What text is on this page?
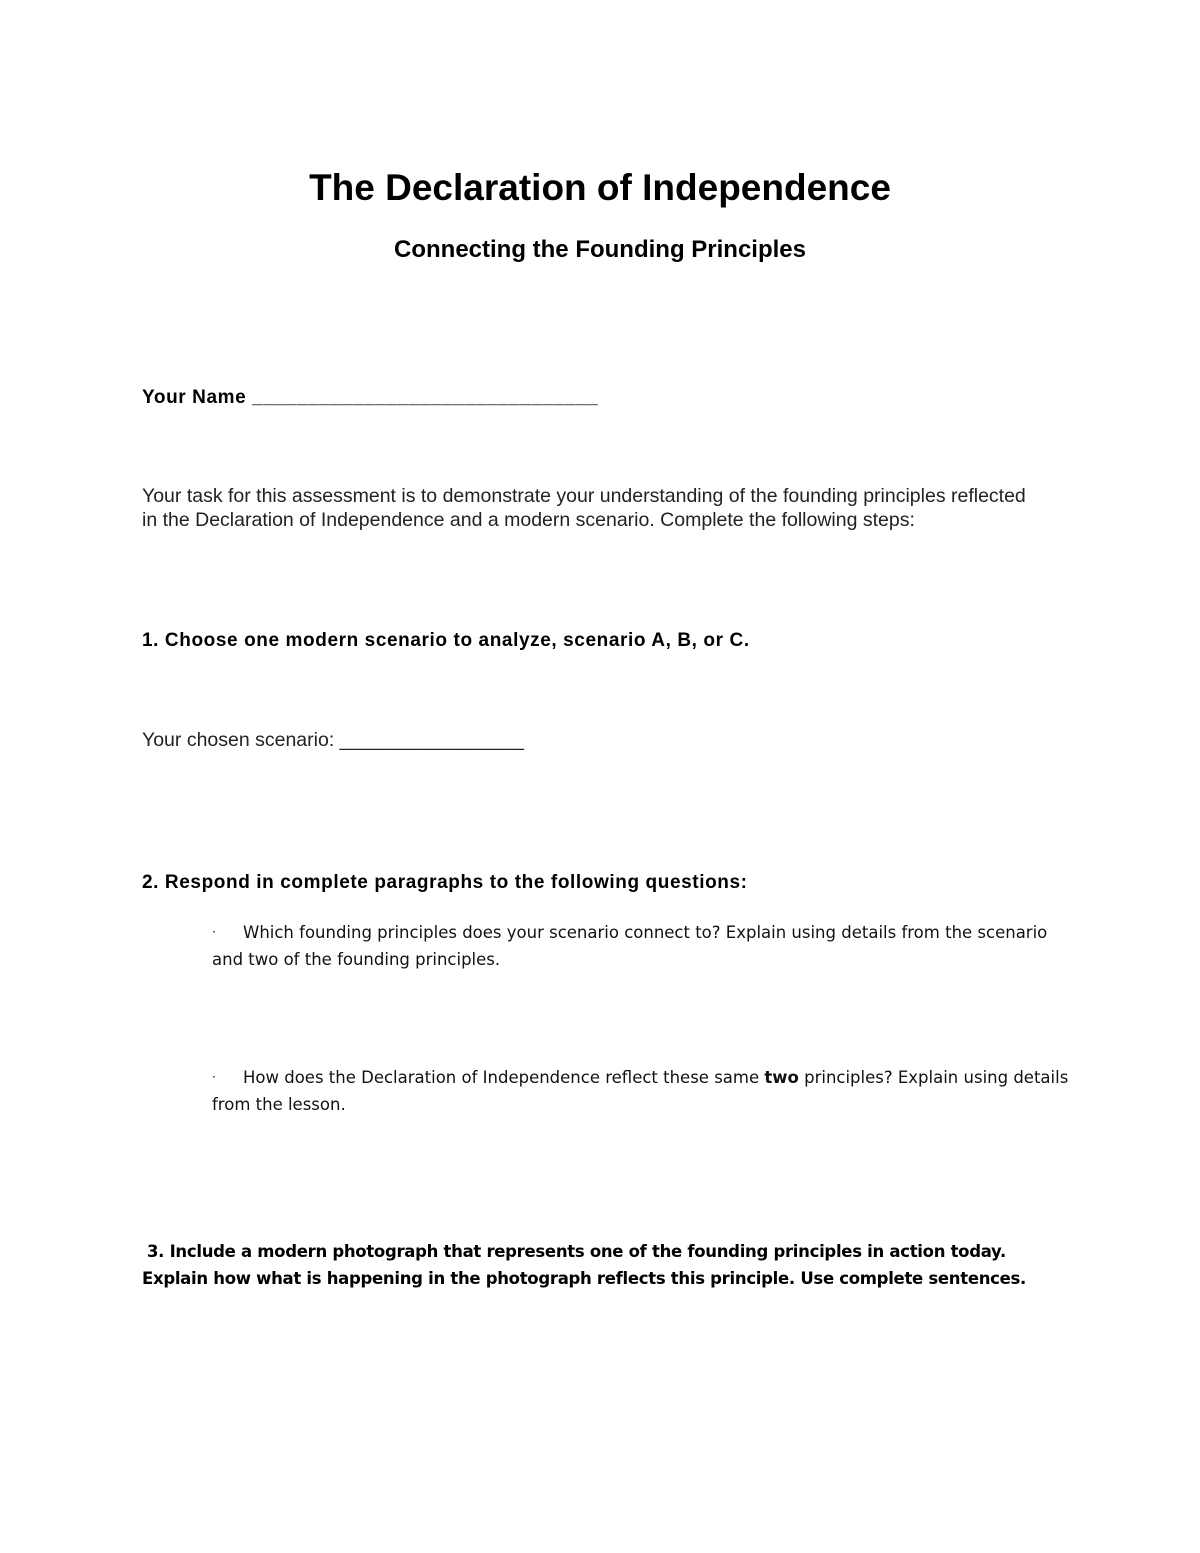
The Declaration of Independence
Connecting the Founding Principles

Your Name _______________________________

Your task for this assessment is to demonstrate your understanding of the founding principles reflected in the Declaration of Independence and a modern scenario. Complete the following steps:

1. Choose one modern scenario to analyze, scenario A, B, or C.

Your chosen scenario: _________________

2. Respond in complete paragraphs to the following questions:

· Which founding principles does your scenario connect to? Explain using details from the scenario and two of the founding principles.

· How does the Declaration of Independence reflect these same two principles? Explain using details from the lesson.

3. Include a modern photograph that represents one of the founding principles in action today. Explain how what is happening in the photograph reflects this principle. Use complete sentences.
